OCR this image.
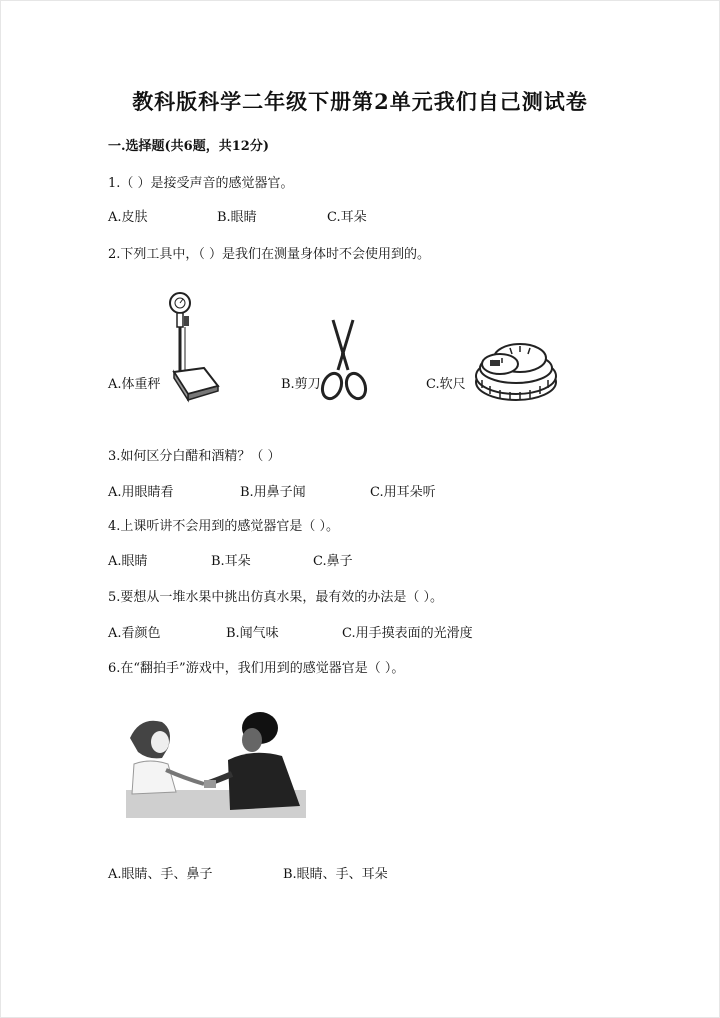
教科版科学二年级下册第2单元我们自己测试卷
一.选择题(共6题，共12分)
1.（ ）是接受声音的感觉器官。
A.皮肤	B.眼睛	C.耳朵
2.下列工具中，（ ）是我们在测量身体时不会使用到的。
A.体重秤	B.剪刀	C.软尺
3.如何区分白醋和酒精？（ ）
A.用眼睛看	B.用鼻子闻	C.用耳朵听
4.上课听讲不会用到的感觉器官是（ ）。
A.眼睛	B.耳朵	C.鼻子
5.要想从一堆水果中挑出仿真水果，最有效的办法是（ ）。
A.看颜色	B.闻气味	C.用手摸表面的光滑度
6.在“翻拍手”游戏中，我们用到的感觉器官是（ ）。
A.眼睛、手、鼻子	B.眼睛、手、耳朵
